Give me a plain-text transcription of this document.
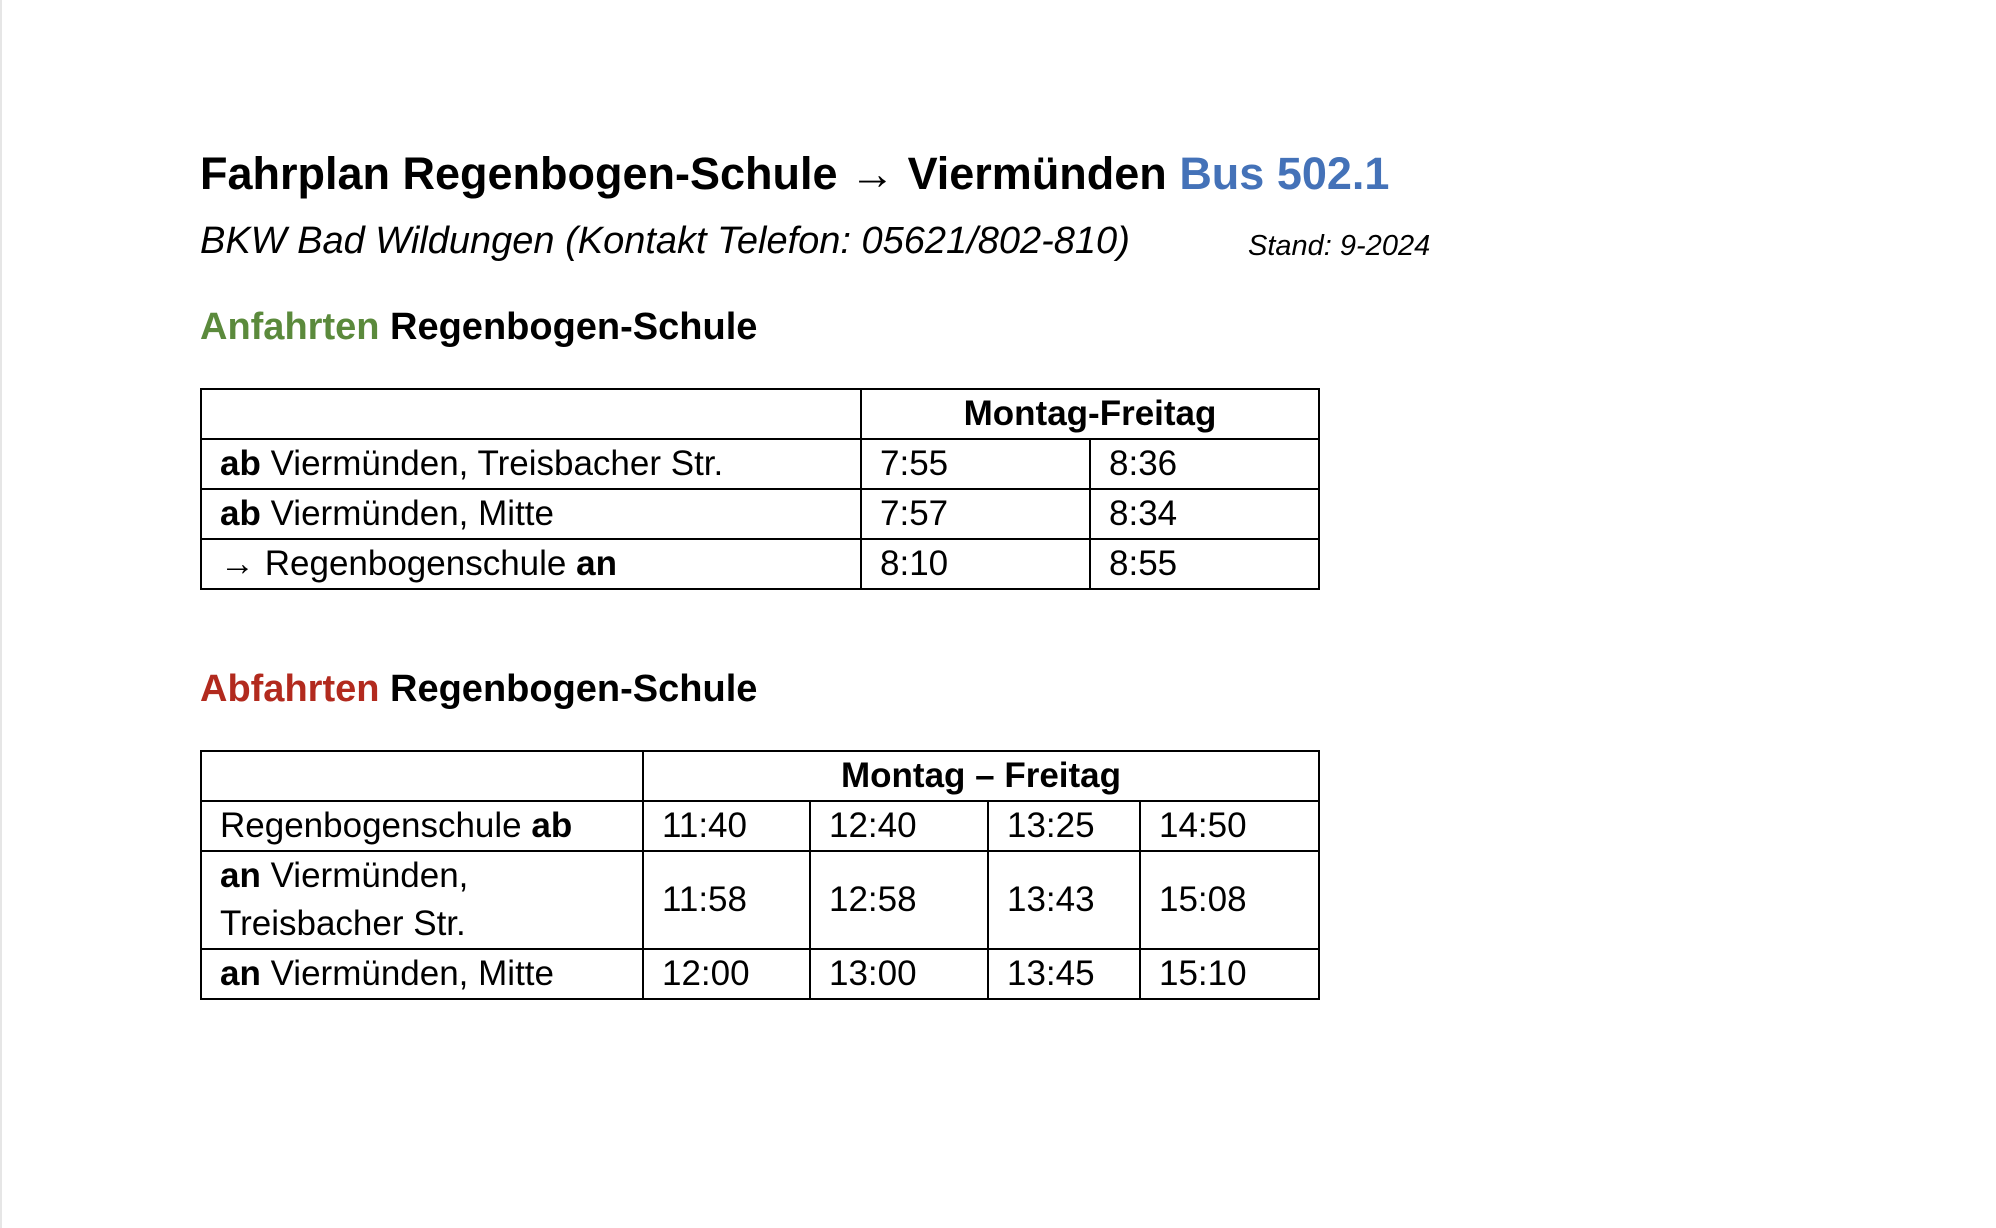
Fahrplan Regenbogen-Schule → Viermünden Bus 502.1
BKW Bad Wildungen (Kontakt Telefon: 05621/802-810)	Stand: 9-2024
Anfahrten Regenbogen-Schule
	Montag-Freitag	
ab Viermünden, Treisbacher Str.	7:55	8:36
ab Viermünden, Mitte	7:57	8:34
→ Regenbogenschule an	8:10	8:55
Abfahrten Regenbogen-Schule
	Montag – Freitag			
Regenbogenschule ab	11:40	12:40	13:25	14:50
an Viermünden,
Treisbacher Str.	11:58	12:58	13:43	15:08
an Viermünden, Mitte	12:00	13:00	13:45	15:10
